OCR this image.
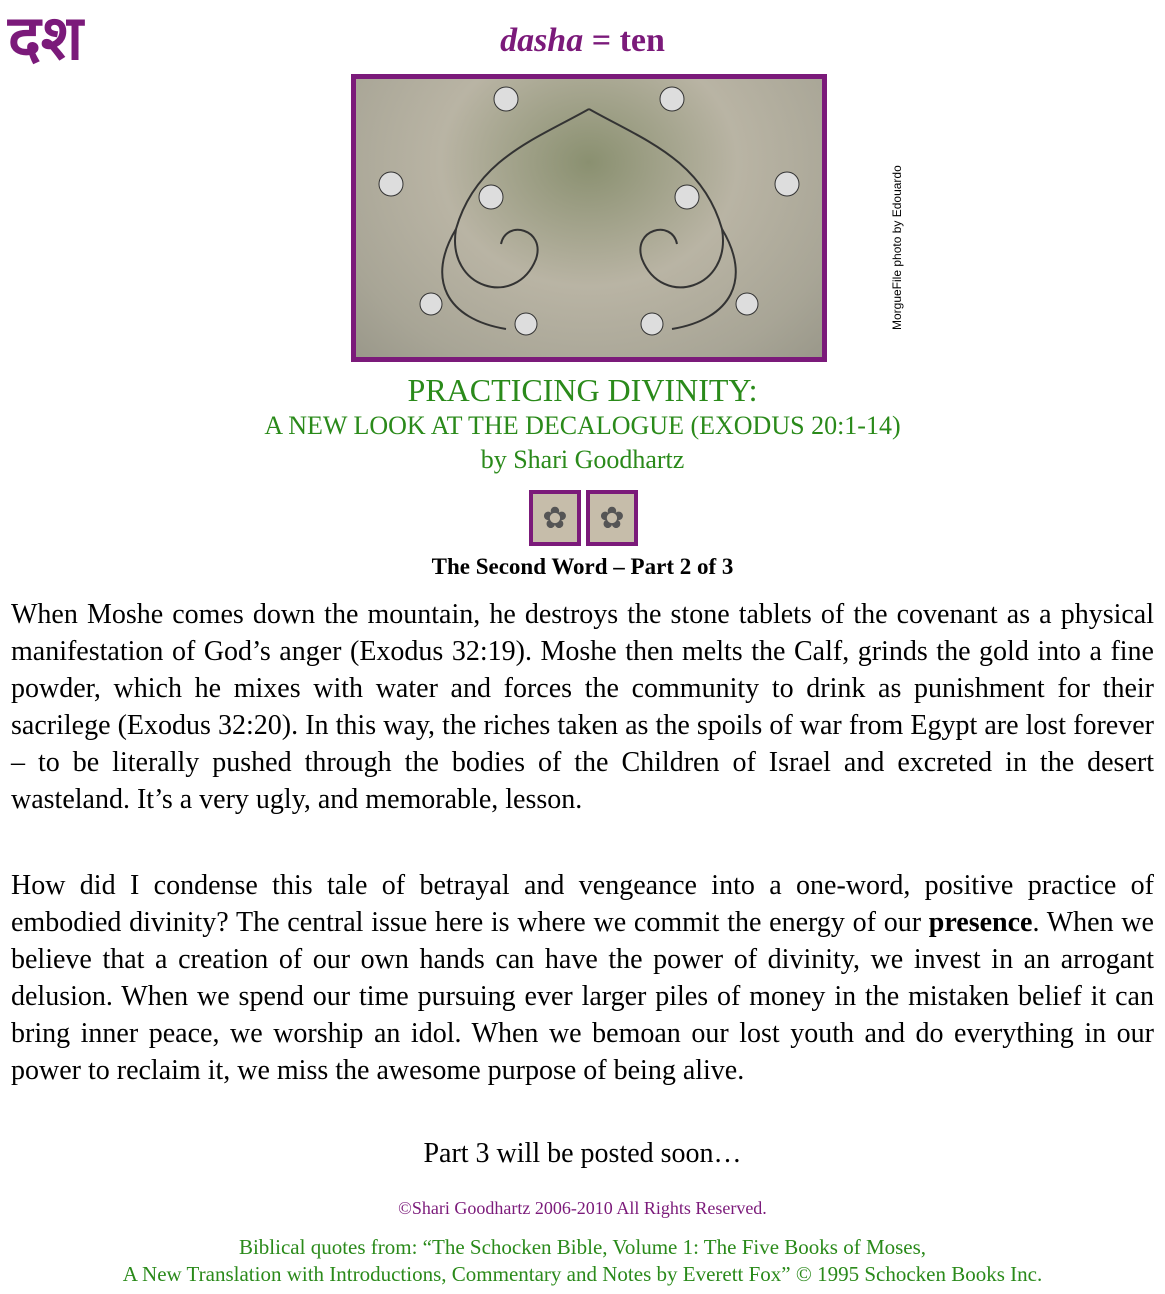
दश	dasha = ten
MorgueFile photo by Edouardo
PRACTICING DIVINITY:
A NEW LOOK AT THE DECALOGUE (EXODUS 20:1-14)
by Shari Goodhartz
✿	✿
The Second Word – Part 2 of 3
When Moshe comes down the mountain, he destroys the stone tablets of the covenant as a physical manifestation of God’s anger (Exodus 32:19). Moshe then melts the Calf, grinds the gold into a fine powder, which he mixes with water and forces the community to drink as punishment for their sacrilege (Exodus 32:20). In this way, the riches taken as the spoils of war from Egypt are lost forever – to be literally pushed through the bodies of the Children of Israel and excreted in the desert wasteland. It’s a very ugly, and memorable, lesson.
How did I condense this tale of betrayal and vengeance into a one-word, positive practice of embodied divinity? The central issue here is where we commit the energy of our presence. When we believe that a creation of our own hands can have the power of divinity, we invest in an arrogant delusion. When we spend our time pursuing ever larger piles of money in the mistaken belief it can bring inner peace, we worship an idol. When we bemoan our lost youth and do everything in our power to reclaim it, we miss the awesome purpose of being alive.
Part 3 will be posted soon…
©Shari Goodhartz 2006-2010 All Rights Reserved.
Biblical quotes from: “The Schocken Bible, Volume 1: The Five Books of Moses,
A New Translation with Introductions, Commentary and Notes by Everett Fox” © 1995 Schocken Books Inc.
